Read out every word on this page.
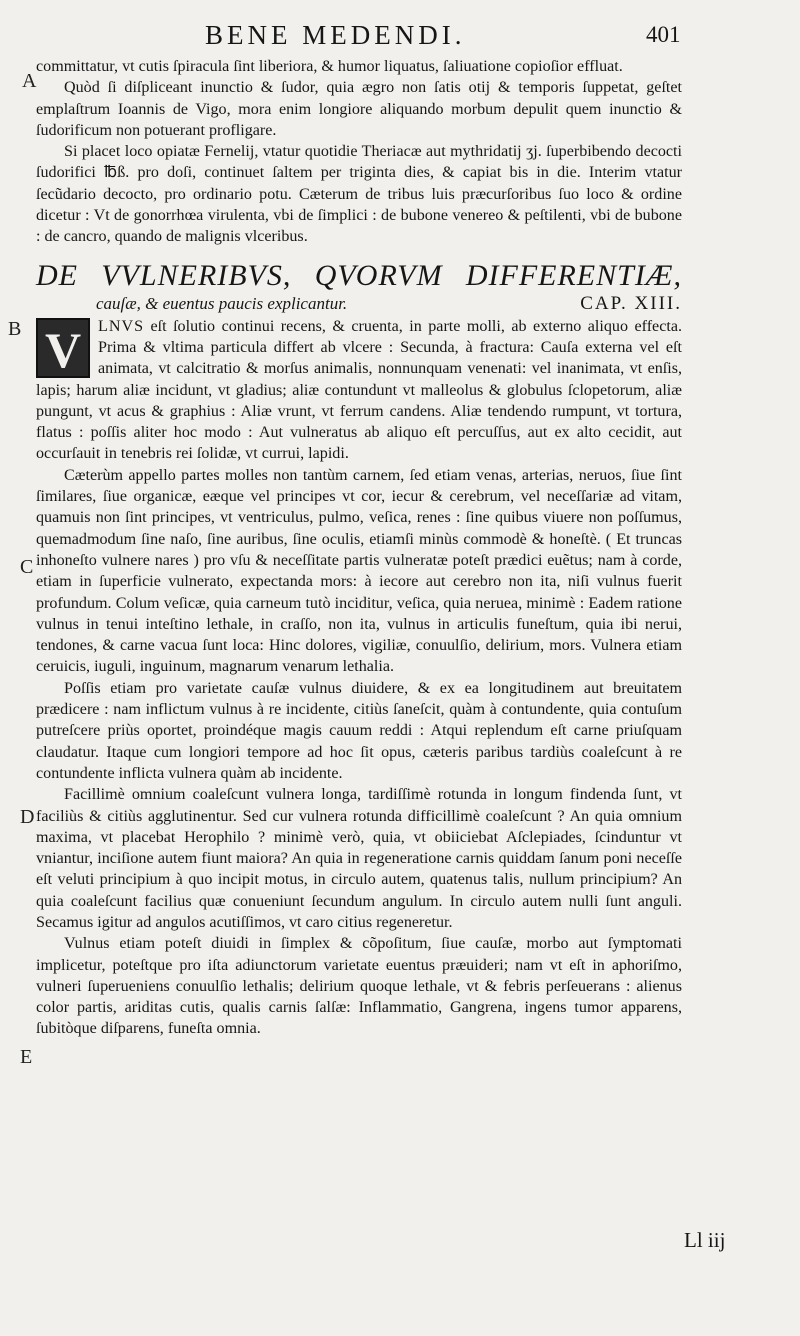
BENE MEDENDI.	401
A
B
C
D
E

committatur, vt cutis ſpiracula ſint liberiora, & humor liquatus, ſaliuatione copioſior effluat.

Quòd ſi diſpliceant inunctio & ſudor, quia ægro non ſatis otij & temporis ſuppetat, geſtet emplaſtrum Ioannis de Vigo, mora enim longiore aliquando morbum depulit quem inunctio & ſudorificum non potuerant profligare.

Si placet loco opiatæ Fernelij, vtatur quotidie Theriacæ aut mythridatij ʒj. ſuperbibendo decocti ſudorifici ℔ß. pro doſi, continuet ſaltem per triginta dies, & capiat bis in die. Interim vtatur ſecũdario decocto, pro ordinario potu. Cæterum de tribus luis præcurſoribus ſuo loco & ordine dicetur : Vt de gonorrhœa virulenta, vbi de ſimplici : de bubone venereo & peſtilenti, vbi de bubone : de cancro, quando de malignis vlceribus.

DE VVLNERIBVS, QVORVM DIFFERENTIÆ,
cauſæ, & euentus paucis explicantur.	CAP. XIII.

V	LNVS eſt ſolutio continui recens, & cruenta, in parte molli, ab externo aliquo effecta. Prima & vltima particula differt ab vlcere : Secunda, à fractura: Cauſa externa vel eſt animata, vt calcitratio & morſus animalis, nonnunquam venenati: vel inanimata, vt enſis, lapis; harum aliæ incidunt, vt gladius; aliæ contundunt vt malleolus & globulus ſclopetorum, aliæ pungunt, vt acus & graphius : Aliæ vrunt, vt ferrum candens. Aliæ tendendo rumpunt, vt tortura, flatus : poſſis aliter hoc modo : Aut vulneratus ab aliquo eſt percuſſus, aut ex alto cecidit, aut occurſauit in tenebris rei ſolidæ, vt currui, lapidi.

Cæterùm appello partes molles non tantùm carnem, ſed etiam venas, arterias, neruos, ſiue ſint ſimilares, ſiue organicæ, eæque vel principes vt cor, iecur & cerebrum, vel neceſſariæ ad vitam, quamuis non ſint principes, vt ventriculus, pulmo, veſica, renes : ſine quibus viuere non poſſumus, quemadmodum ſine naſo, ſine auribus, ſine oculis, etiamſi minùs commodè & honeſtè. ( Et truncas inhoneſto vulnere nares ) pro vſu & neceſſitate partis vulneratæ poteſt prædici euẽtus; nam à corde, etiam in ſuperficie vulnerato, expectanda mors: à iecore aut cerebro non ita, niſi vulnus fuerit profundum. Colum veſicæ, quia carneum tutò inciditur, veſica, quia neruea, minimè : Eadem ratione vulnus in tenui inteſtino lethale, in craſſo, non ita, vulnus in articulis funeſtum, quia ibi nerui, tendones, & carne vacua ſunt loca: Hinc dolores, vigiliæ, conuulſio, delirium, mors. Vulnera etiam ceruicis, iuguli, inguinum, magnarum venarum lethalia.

Poſſis etiam pro varietate cauſæ vulnus diuidere, & ex ea longitudinem aut breuitatem prædicere : nam inflictum vulnus à re incidente, citiùs ſaneſcit, quàm à contundente, quia contuſum putreſcere priùs oportet, proindéque magis cauum reddi : Atqui replendum eſt carne priuſquam claudatur. Itaque cum longiori tempore ad hoc ſit opus, cæteris paribus tardiùs coaleſcunt à re contundente inflicta vulnera quàm ab incidente.

Facillimè omnium coaleſcunt vulnera longa, tardiſſimè rotunda in longum findenda ſunt, vt faciliùs & citiùs agglutinentur. Sed cur vulnera rotunda difficillimè coaleſcunt ? An quia omnium maxima, vt placebat Herophilo ? minimè verò, quia, vt obiiciebat Aſclepiades, ſcinduntur vt vniantur, inciſione autem fiunt maiora? An quia in regeneratione carnis quiddam ſanum poni neceſſe eſt veluti principium à quo incipit motus, in circulo autem, quatenus talis, nullum principium? An quia coaleſcunt facilius quæ conueniunt ſecundum angulum. In circulo autem nulli ſunt anguli. Secamus igitur ad angulos acutiſſimos, vt caro citius regeneretur.

Vulnus etiam poteſt diuidi in ſimplex & cõpoſitum, ſiue cauſæ, morbo aut ſymptomati implicetur, poteſtque pro iſta adiunctorum varietate euentus præuideri; nam vt eſt in aphoriſmo, vulneri ſuperueniens conuulſio lethalis; delirium quoque lethale, vt & febris perſeuerans : alienus color partis, ariditas cutis, qualis carnis ſalſæ: Inflammatio, Gangrena, ingens tumor apparens, ſubitòque diſparens, funeſta omnia.

Ll iij
